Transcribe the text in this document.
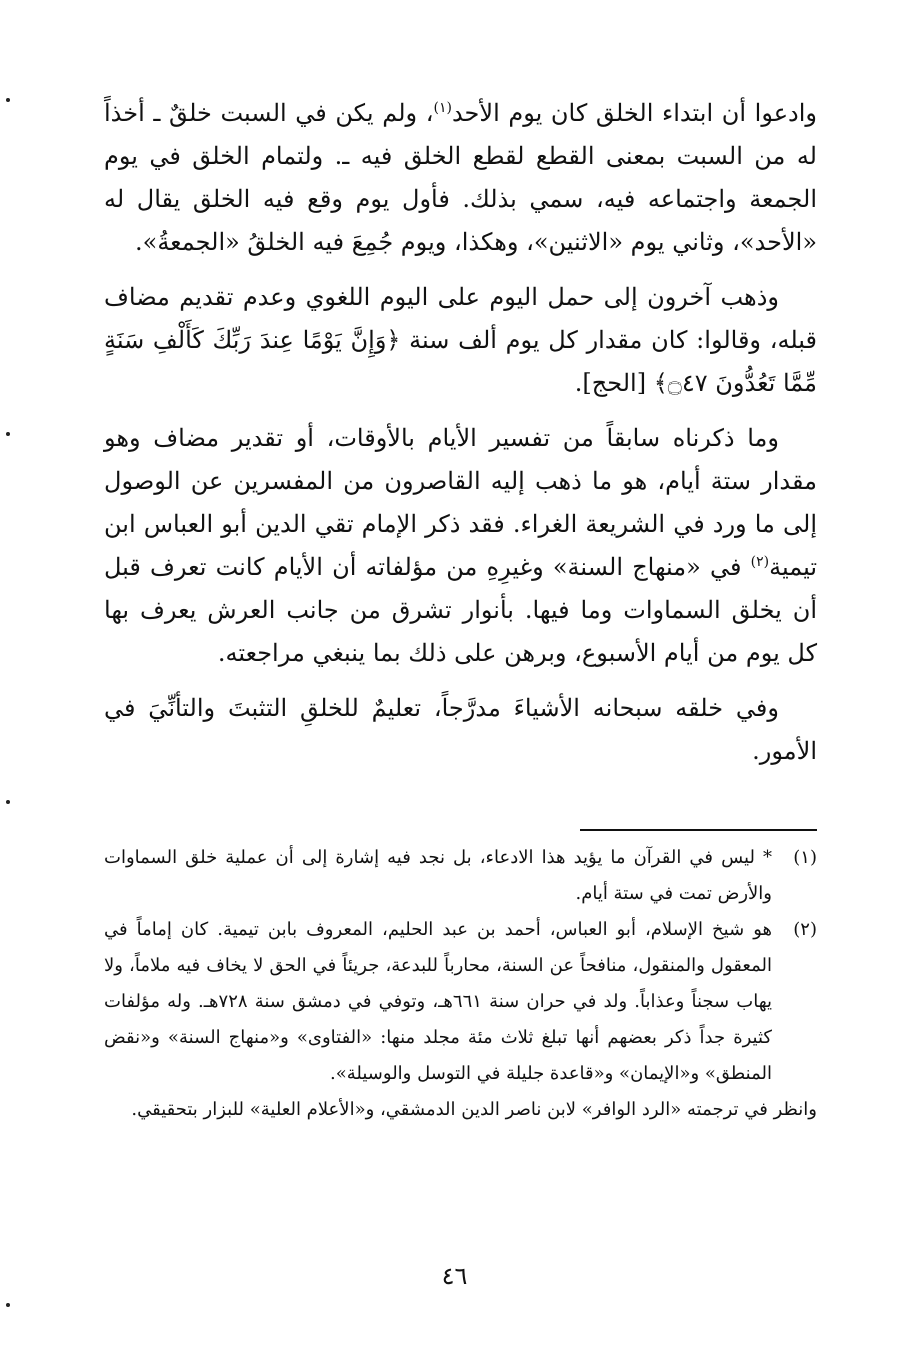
وادعوا أن ابتداء الخلق كان يوم الأحد$^{(١)}$، ولم يكن في السبت خلقٌ ـ أخذاً له من السبت بمعنى القطع لقطع الخلق فيه ـ. ولتمام الخلق في يوم الجمعة واجتماعه فيه، سمي بذلك. فأول يوم وقع فيه الخلق يقال له «الأحد»، وثاني يوم «الاثنين»، وهكذا، ويوم جُمِعَ فيه الخلقُ «الجمعةُ».

وذهب آخرون إلى حمل اليوم على اليوم اللغوي وعدم تقديم مضاف قبله، وقالوا: كان مقدار كل يوم ألف سنة ﴿وَإِنَّ يَوْمًا عِندَ رَبِّكَ كَأَلْفِ سَنَةٍ مِّمَّا تَعُدُّونَ ۝٤٧﴾ [الحج].

وما ذكرناه سابقاً من تفسير الأيام بالأوقات، أو تقدير مضاف وهو مقدار ستة أيام، هو ما ذهب إليه القاصرون من المفسرين عن الوصول إلى ما ورد في الشريعة الغراء. فقد ذكر الإمام تقي الدين أبو العباس ابن تيمية$^{(٢)}$ في «منهاج السنة» وغيرِهِ من مؤلفاته أن الأيام كانت تعرف قبل أن يخلق السماوات وما فيها. بأنوار تشرق من جانب العرش يعرف بها كل يوم من أيام الأسبوع، وبرهن على ذلك بما ينبغي مراجعته.

وفي خلقه سبحانه الأشياءَ مدرَّجاً، تعليمٌ للخلقِ التثبتَ والتأنِّيَ في الأمور.

(١)
* ليس في القرآن ما يؤيد هذا الادعاء، بل نجد فيه إشارة إلى أن عملية خلق السماوات والأرض تمت في ستة أيام.
(٢)
هو شيخ الإسلام، أبو العباس، أحمد بن عبد الحليم، المعروف بابن تيمية. كان إماماً في المعقول والمنقول، منافحاً عن السنة، محارباً للبدعة، جريئاً في الحق لا يخاف فيه ملاماً، ولا يهاب سجناً وعذاباً. ولد في حران سنة ٦٦١هـ، وتوفي في دمشق سنة ٧٢٨هـ. وله مؤلفات كثيرة جداً ذكر بعضهم أنها تبلغ ثلاث مئة مجلد منها: «الفتاوى» و«منهاج السنة» و«نقض المنطق» و«الإيمان» و«قاعدة جليلة في التوسل والوسيلة».

وانظر في ترجمته «الرد الوافر» لابن ناصر الدين الدمشقي، و«الأعلام العلية» للبزار بتحقيقي.

٤٦
